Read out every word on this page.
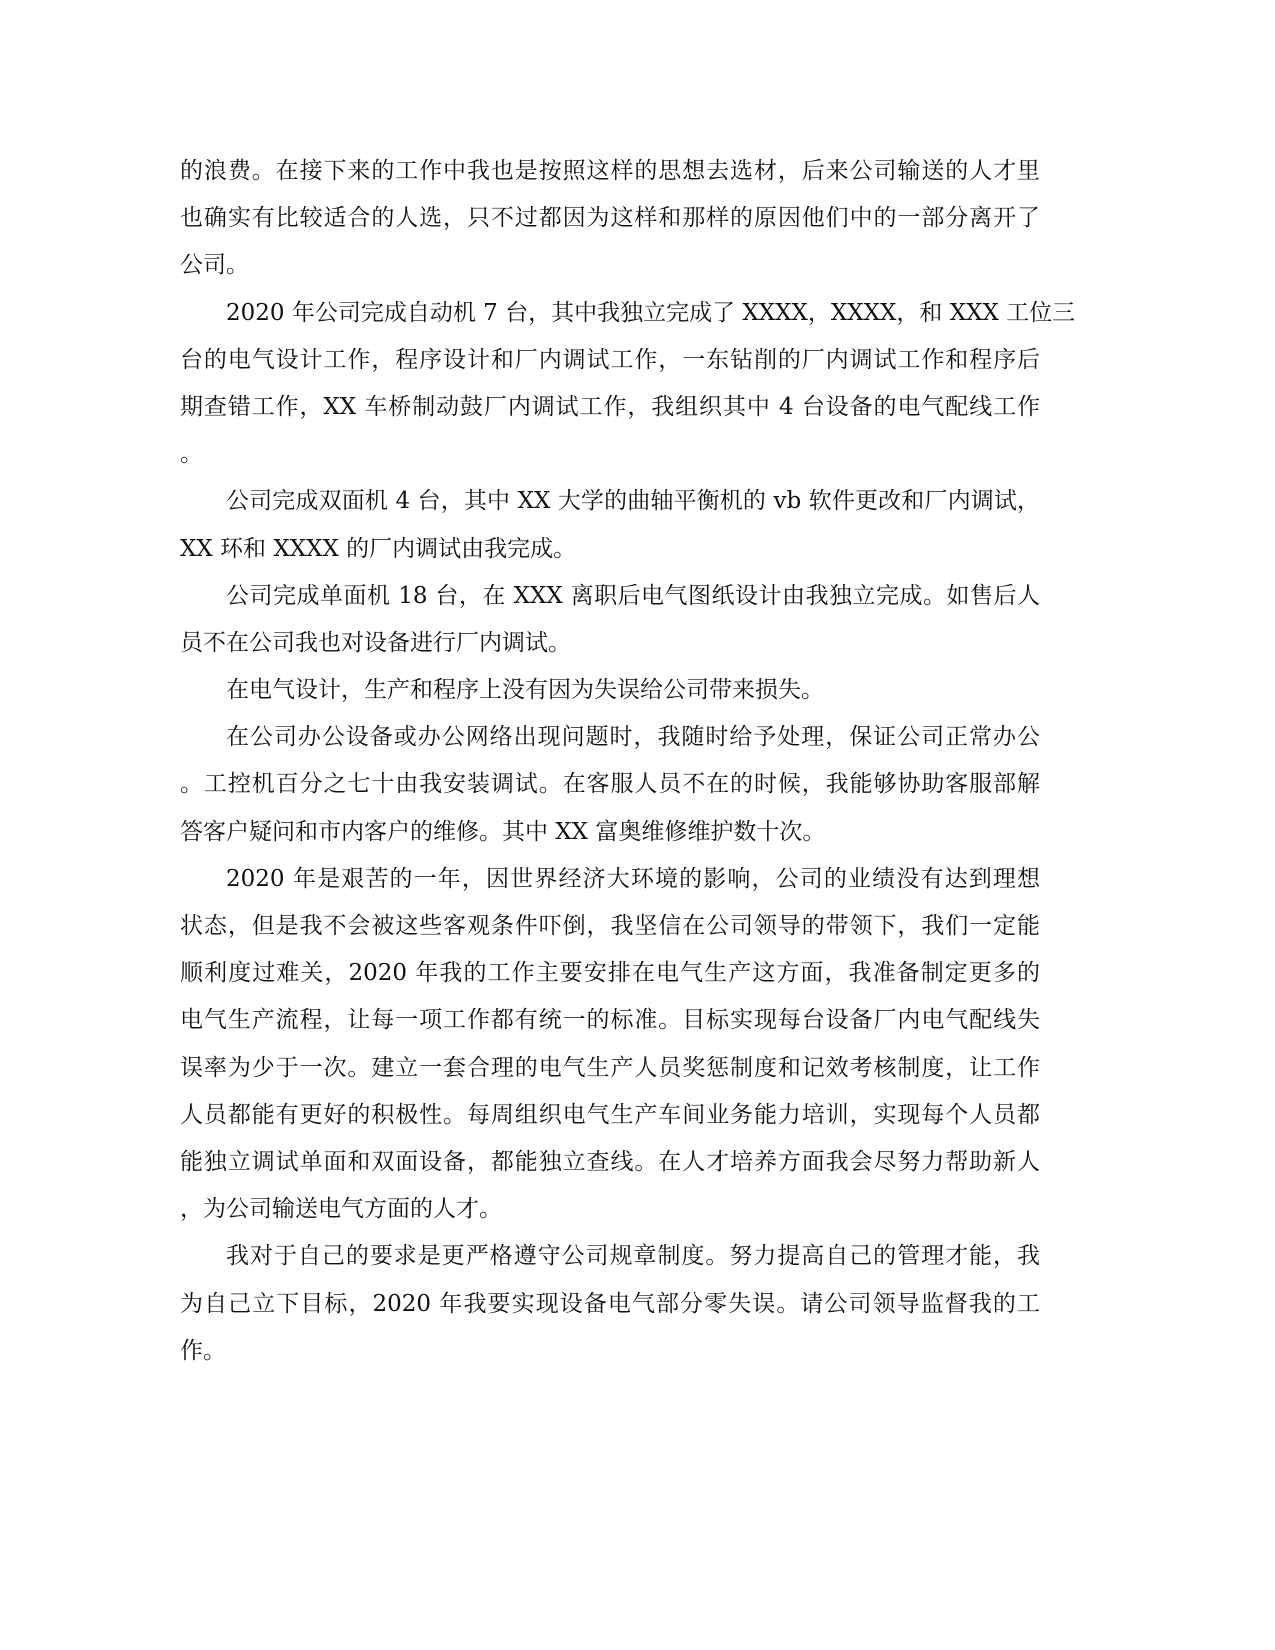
的浪费。在接下来的工作中我也是按照这样的思想去选材，后来公司输送的人才里
也确实有比较适合的人选，只不过都因为这样和那样的原因他们中的一部分离开了
公司。
2020 年公司完成自动机 7 台，其中我独立完成了 XXXX，XXXX，和 XXX 工位三
台的电气设计工作，程序设计和厂内调试工作，一东钻削的厂内调试工作和程序后
期查错工作，XX 车桥制动鼓厂内调试工作，我组织其中 4 台设备的电气配线工作
。
公司完成双面机 4 台，其中 XX 大学的曲轴平衡机的 vb 软件更改和厂内调试，
XX 环和 XXXX 的厂内调试由我完成。
公司完成单面机 18 台，在 XXX 离职后电气图纸设计由我独立完成。如售后人
员不在公司我也对设备进行厂内调试。
在电气设计，生产和程序上没有因为失误给公司带来损失。
在公司办公设备或办公网络出现问题时，我随时给予处理，保证公司正常办公
。工控机百分之七十由我安装调试。在客服人员不在的时候，我能够协助客服部解
答客户疑问和市内客户的维修。其中 XX 富奥维修维护数十次。
2020 年是艰苦的一年，因世界经济大环境的影响，公司的业绩没有达到理想
状态，但是我不会被这些客观条件吓倒，我坚信在公司领导的带领下，我们一定能
顺利度过难关，2020 年我的工作主要安排在电气生产这方面，我准备制定更多的
电气生产流程，让每一项工作都有统一的标准。目标实现每台设备厂内电气配线失
误率为少于一次。建立一套合理的电气生产人员奖惩制度和记效考核制度，让工作
人员都能有更好的积极性。每周组织电气生产车间业务能力培训，实现每个人员都
能独立调试单面和双面设备，都能独立查线。在人才培养方面我会尽努力帮助新人
，为公司输送电气方面的人才。
我对于自己的要求是更严格遵守公司规章制度。努力提高自己的管理才能，我
为自己立下目标，2020 年我要实现设备电气部分零失误。请公司领导监督我的工
作。
